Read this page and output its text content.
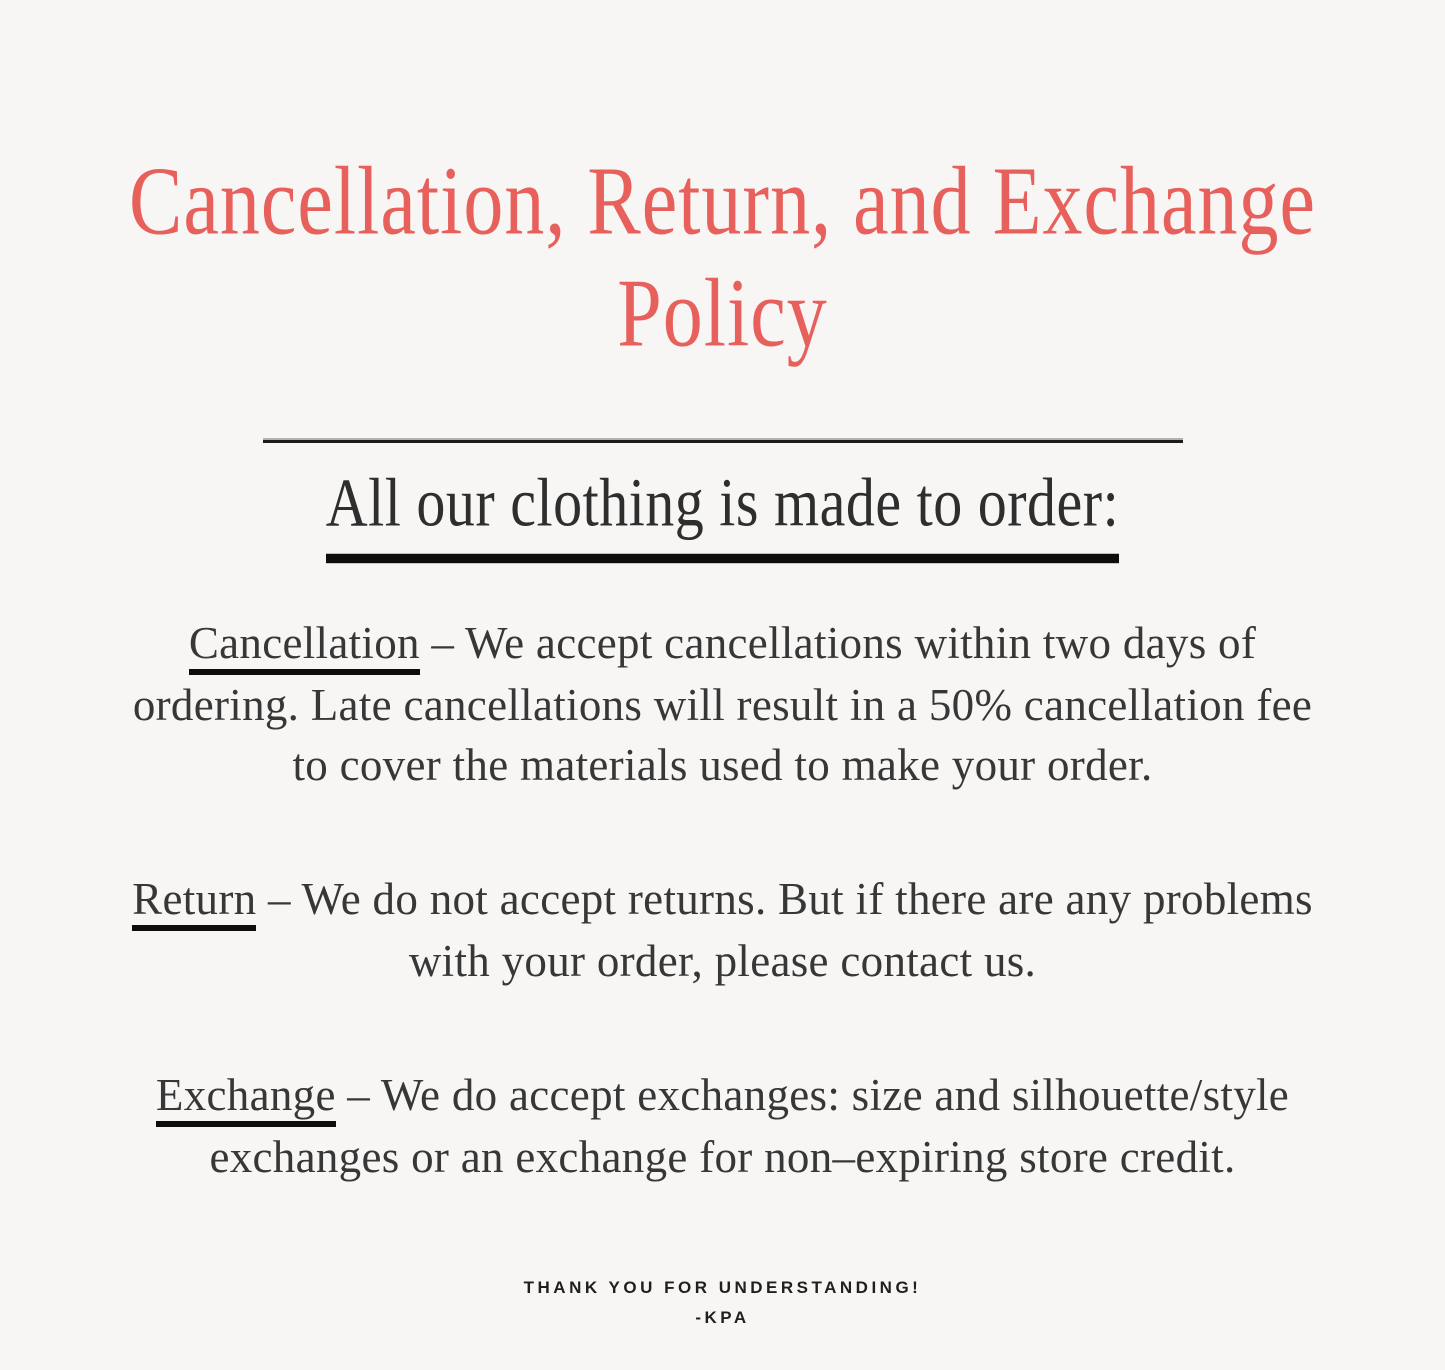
Cancellation, Return, and Exchange
Policy
All our clothing is made to order:

Cancellation – We accept cancellations within two days of
ordering. Late cancellations will result in a 50% cancellation fee
to cover the materials used to make your order.

Return – We do not accept returns. But if there are any problems
with your order, please contact us.

Exchange – We do accept exchanges: size and silhouette/style
exchanges or an exchange for non–expiring store credit.

THANK YOU FOR UNDERSTANDING!
-KPA
